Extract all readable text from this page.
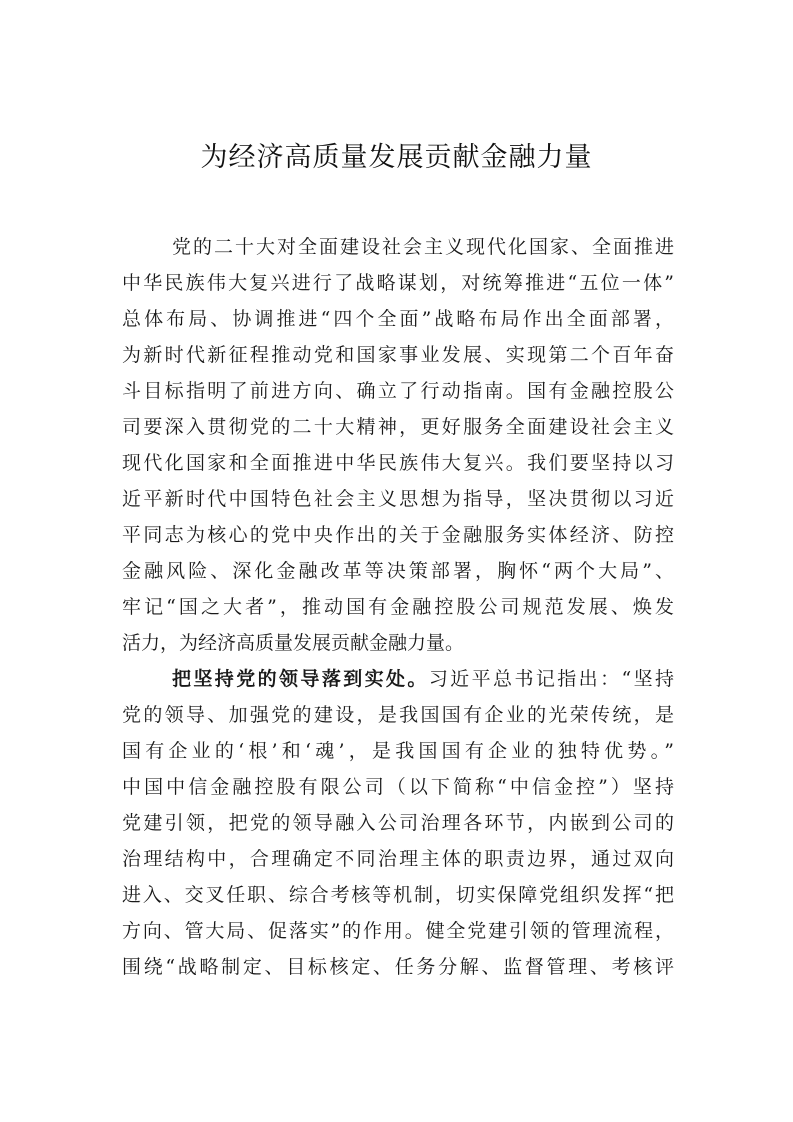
为经济高质量发展贡献金融力量
党的二十大对全面建设社会主义现代化国家、全面推进
中华民族伟大复兴进行了战略谋划，对统筹推进“五位一体”
总体布局、协调推进“四个全面”战略布局作出全面部署，
为新时代新征程推动党和国家事业发展、实现第二个百年奋
斗目标指明了前进方向、确立了行动指南。国有金融控股公
司要深入贯彻党的二十大精神，更好服务全面建设社会主义
现代化国家和全面推进中华民族伟大复兴。我们要坚持以习
近平新时代中国特色社会主义思想为指导，坚决贯彻以习近
平同志为核心的党中央作出的关于金融服务实体经济、防控
金融风险、深化金融改革等决策部署，胸怀“两个大局”、
牢记“国之大者”，推动国有金融控股公司规范发展、焕发
活力，为经济高质量发展贡献金融力量。
把坚持党的领导落到实处。习近平总书记指出：“坚持
党的领导、加强党的建设，是我国国有企业的光荣传统，是
国有企业的‘根’和‘魂’，是我国国有企业的独特优势。”
中国中信金融控股有限公司（以下简称“中信金控”）坚持
党建引领，把党的领导融入公司治理各环节，内嵌到公司的
治理结构中，合理确定不同治理主体的职责边界，通过双向
进入、交叉任职、综合考核等机制，切实保障党组织发挥“把
方向、管大局、促落实”的作用。健全党建引领的管理流程，
围绕“战略制定、目标核定、任务分解、监督管理、考核评
